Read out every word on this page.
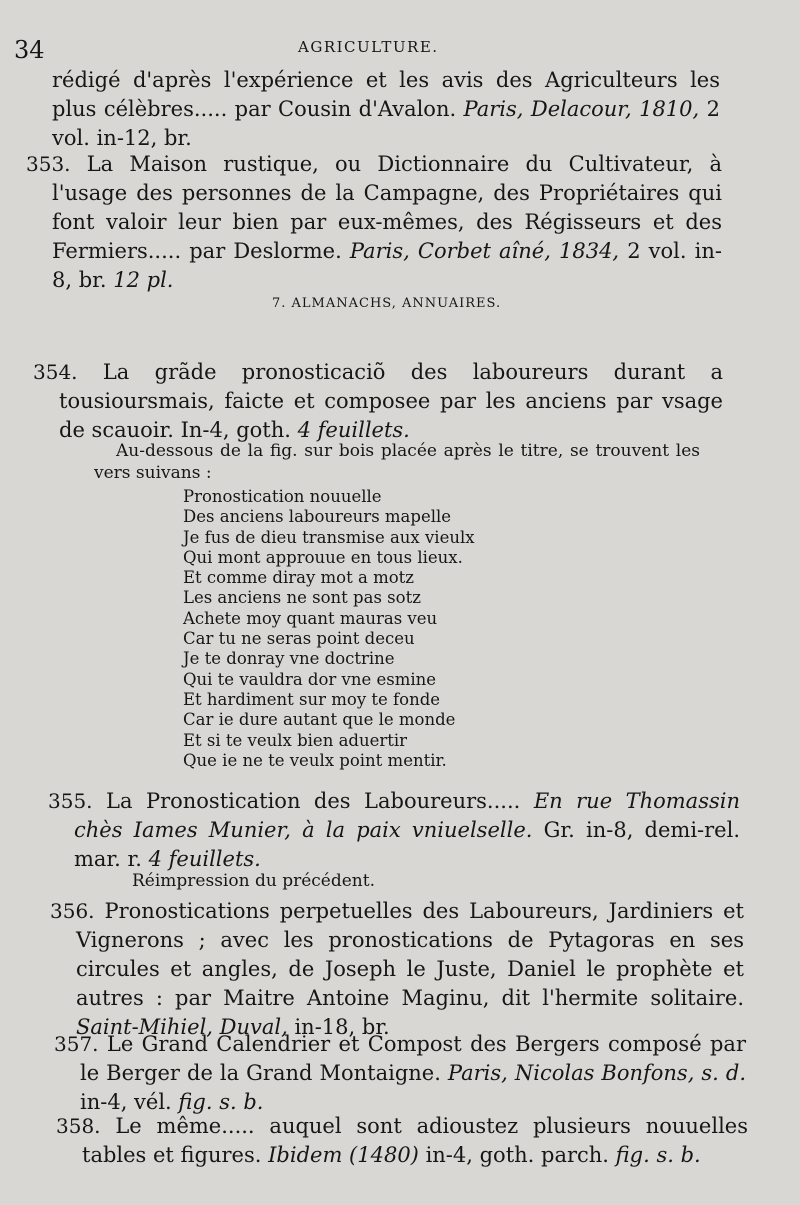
34	AGRICULTURE.
rédigé d'après l'expérience et les avis des Agriculteurs les plus célèbres..... par Cousin d'Avalon. Paris, Delacour, 1810, 2 vol. in-12, br.
353. La Maison rustique, ou Dictionnaire du Cultivateur, à l'usage des personnes de la Campagne, des Propriétaires qui font valoir leur bien par eux-mêmes, des Régisseurs et des Fermiers..... par Deslorme. Paris, Corbet aîné, 1834, 2 vol. in-8, br. 12 pl.
7. ALMANACHS, ANNUAIRES.
354. La grãde pronosticaciõ des laboureurs durant a tousioursmais, faicte et composee par les anciens par vsage de scauoir. In-4, goth. 4 feuillets.
Au-dessous de la fig. sur bois placée après le titre, se trouvent les vers suivans :
Pronostication nouuelle
Des anciens laboureurs mapelle
Je fus de dieu transmise aux vieulx
Qui mont approuue en tous lieux.
Et comme diray mot a motz
Les anciens ne sont pas sotz
Achete moy quant mauras veu
Car tu ne seras point deceu
Je te donray vne doctrine
Qui te vauldra dor vne esmine
Et hardiment sur moy te fonde
Car ie dure autant que le monde
Et si te veulx bien aduertir
Que ie ne te veulx point mentir.
355. La Pronostication des Laboureurs..... En rue Thomassin chès Iames Munier, à la paix vniuelselle. Gr. in-8, demi-rel. mar. r. 4 feuillets.
Réimpression du précédent.
356. Pronostications perpetuelles des Laboureurs, Jardiniers et Vignerons ; avec les pronostications de Pytagoras en ses circules et angles, de Joseph le Juste, Daniel le prophète et autres : par Maitre Antoine Maginu, dit l'hermite solitaire. Saint-Mihiel, Duval, in-18, br.
357. Le Grand Calendrier et Compost des Bergers composé par le Berger de la Grand Montaigne. Paris, Nicolas Bonfons, s. d. in-4, vél. fig. s. b.
358. Le même..... auquel sont adioustez plusieurs nouuelles tables et figures. Ibidem (1480) in-4, goth. parch. fig. s. b.
